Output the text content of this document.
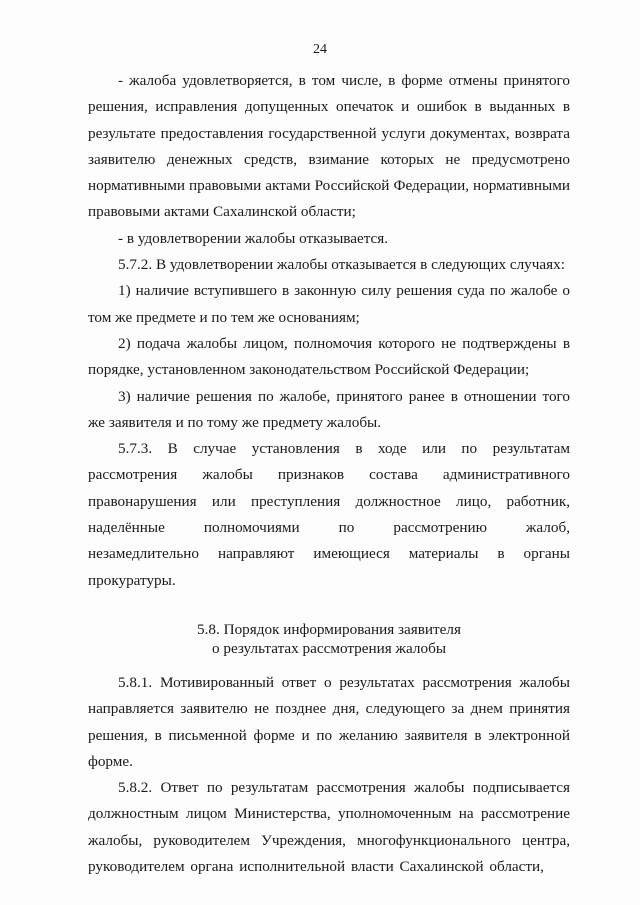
24

- жалоба удовлетворяется, в том числе, в форме отмены принятого решения, исправления допущенных опечаток и ошибок в выданных в результате предоставления государственной услуги документах, возврата заявителю денежных средств, взимание которых не предусмотрено нормативными правовыми актами Российской Федерации, нормативными правовыми актами Сахалинской области;

- в удовлетворении жалобы отказывается.

5.7.2. В удовлетворении жалобы отказывается в следующих случаях:

1) наличие вступившего в законную силу решения суда по жалобе о том же предмете и по тем же основаниям;

2) подача жалобы лицом, полномочия которого не подтверждены в порядке, установленном законодательством Российской Федерации;

3) наличие решения по жалобе, принятого ранее в отношении того же заявителя и по тому же предмету жалобы.

5.7.3. В случае установления в ходе или по результатам рассмотрения жалобы признаков состава административного правонарушения или преступления должностное лицо, работник, наделённые полномочиями по рассмотрению жалоб, незамедлительно направляют имеющиеся материалы в органы прокуратуры.

5.8. Порядок информирования заявителя
о результатах рассмотрения жалобы

5.8.1. Мотивированный ответ о результатах рассмотрения жалобы направляется заявителю не позднее дня, следующего за днем принятия решения, в письменной форме и по желанию заявителя в электронной форме.

5.8.2. Ответ по результатам рассмотрения жалобы подписывается должностным лицом Министерства, уполномоченным на рассмотрение жалобы, руководителем Учреждения, многофункционального центра, руководителем органа исполнительной власти Сахалинской области,
